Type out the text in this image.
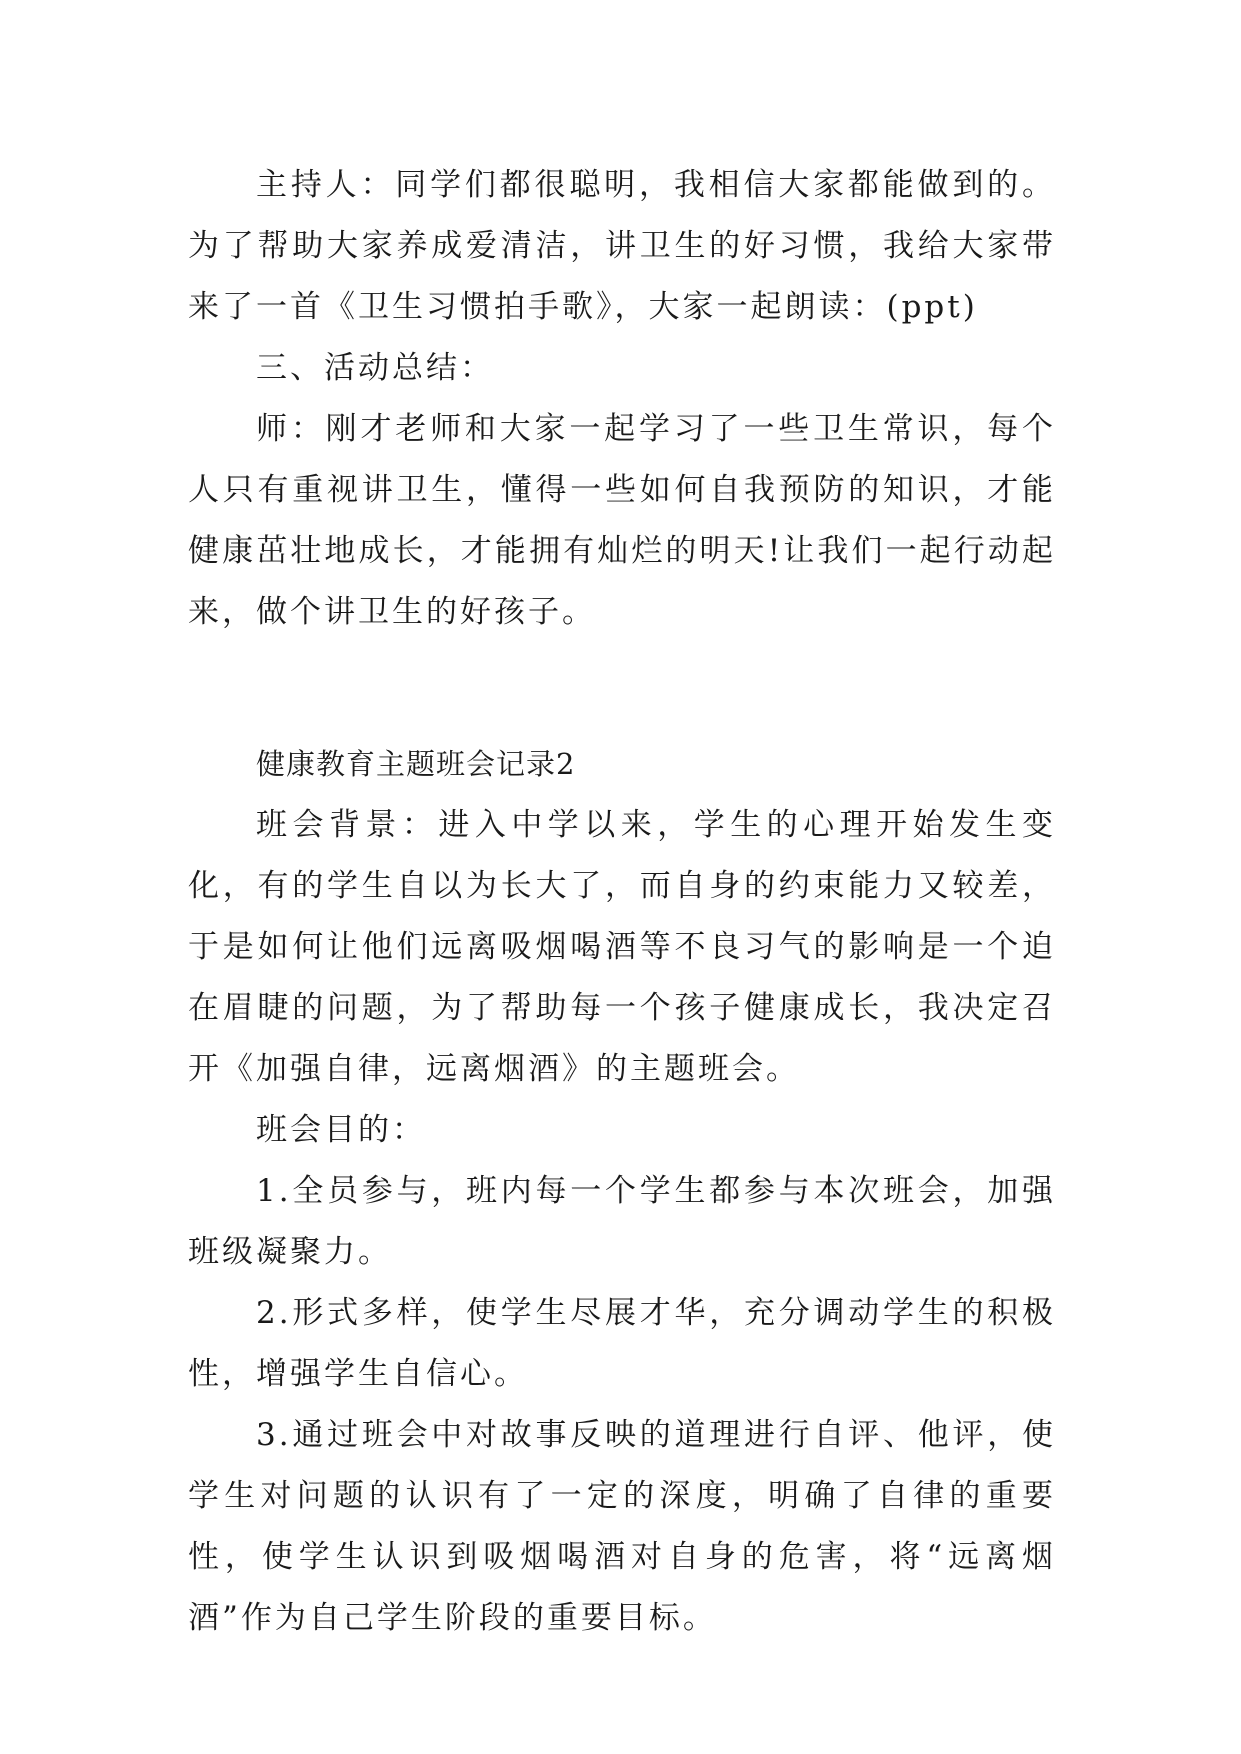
主持人：同学们都很聪明，我相信大家都能做到的。为了帮助大家养成爱清洁，讲卫生的好习惯，我给大家带来了一首《卫生习惯拍手歌》，大家一起朗读：(ppt)

三、活动总结：

师：刚才老师和大家一起学习了一些卫生常识，每个人只有重视讲卫生，懂得一些如何自我预防的知识，才能健康茁壮地成长，才能拥有灿烂的明天!让我们一起行动起来，做个讲卫生的好孩子。

健康教育主题班会记录2

班会背景：进入中学以来，学生的心理开始发生变化，有的学生自以为长大了，而自身的约束能力又较差，于是如何让他们远离吸烟喝酒等不良习气的影响是一个迫在眉睫的问题，为了帮助每一个孩子健康成长，我决定召开《加强自律，远离烟酒》的主题班会。

班会目的：

1.全员参与，班内每一个学生都参与本次班会，加强班级凝聚力。

2.形式多样，使学生尽展才华，充分调动学生的积极性，增强学生自信心。

3.通过班会中对故事反映的道理进行自评、他评，使学生对问题的认识有了一定的深度，明确了自律的重要性，使学生认识到吸烟喝酒对自身的危害，将“远离烟酒”作为自己学生阶段的重要目标。
